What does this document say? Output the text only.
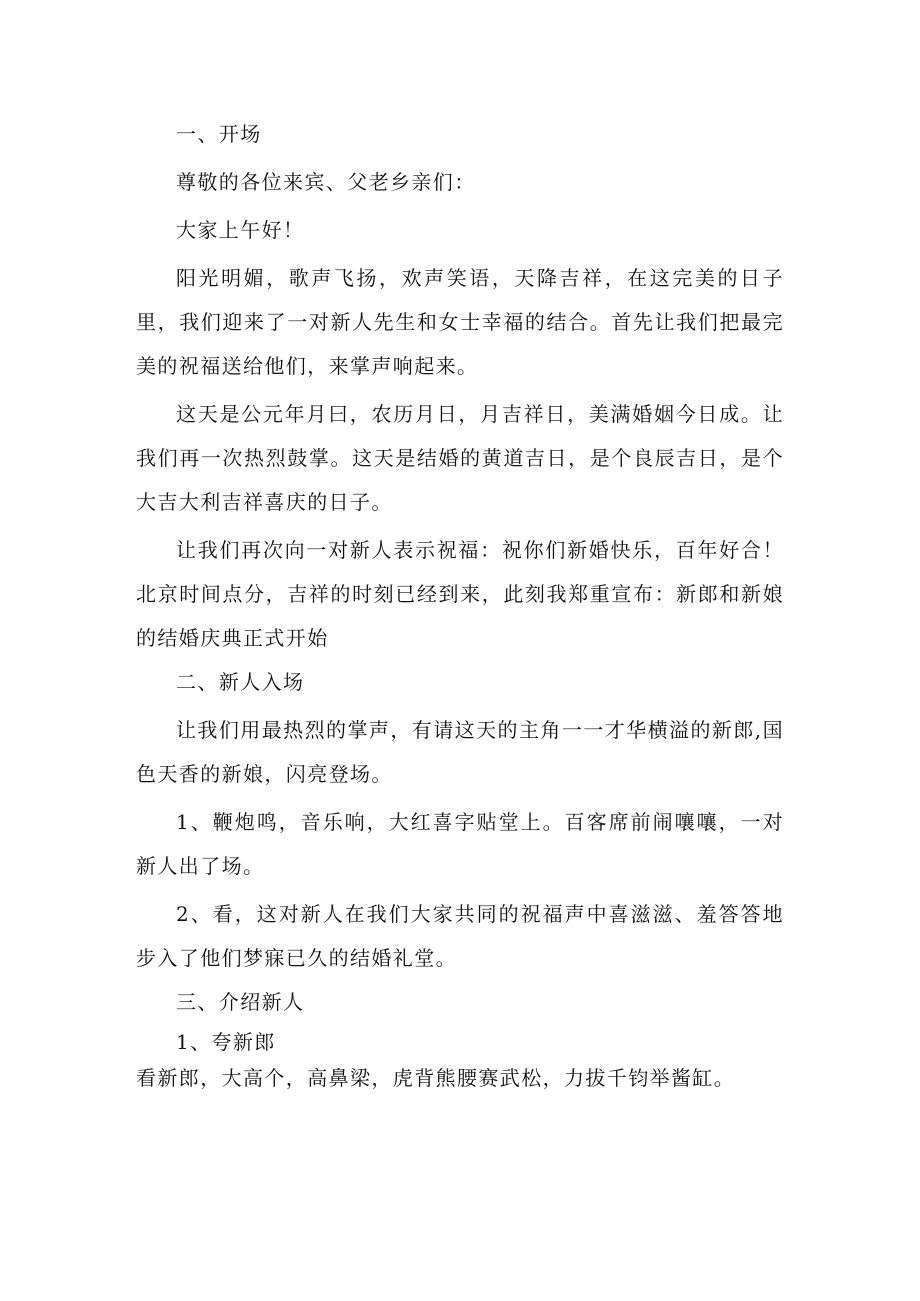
一、开场

尊敬的各位来宾、父老乡亲们：

大家上午好！

阳光明媚，歌声飞扬，欢声笑语，天降吉祥，在这完美的日子里，我们迎来了一对新人先生和女士幸福的结合。首先让我们把最完美的祝福送给他们，来掌声响起来。

这天是公元年月曰，农历月日，月吉祥日，美满婚姻今日成。让我们再一次热烈鼓掌。这天是结婚的黄道吉日，是个良辰吉日，是个大吉大利吉祥喜庆的日子。

让我们再次向一对新人表示祝福：祝你们新婚快乐，百年好合！北京时间点分，吉祥的时刻已经到来，此刻我郑重宣布：新郎和新娘的结婚庆典正式开始

二、新人入场

让我们用最热烈的掌声，有请这天的主角一一才华横溢的新郎,国色天香的新娘，闪亮登场。

1、鞭炮鸣，音乐响，大红喜字贴堂上。百客席前闹嚷嚷，一对新人出了场。

2、看，这对新人在我们大家共同的祝福声中喜滋滋、羞答答地步入了他们梦寐已久的结婚礼堂。

三、介绍新人

1、夸新郎

看新郎，大高个，高鼻梁，虎背熊腰赛武松，力拔千钧举酱缸。
